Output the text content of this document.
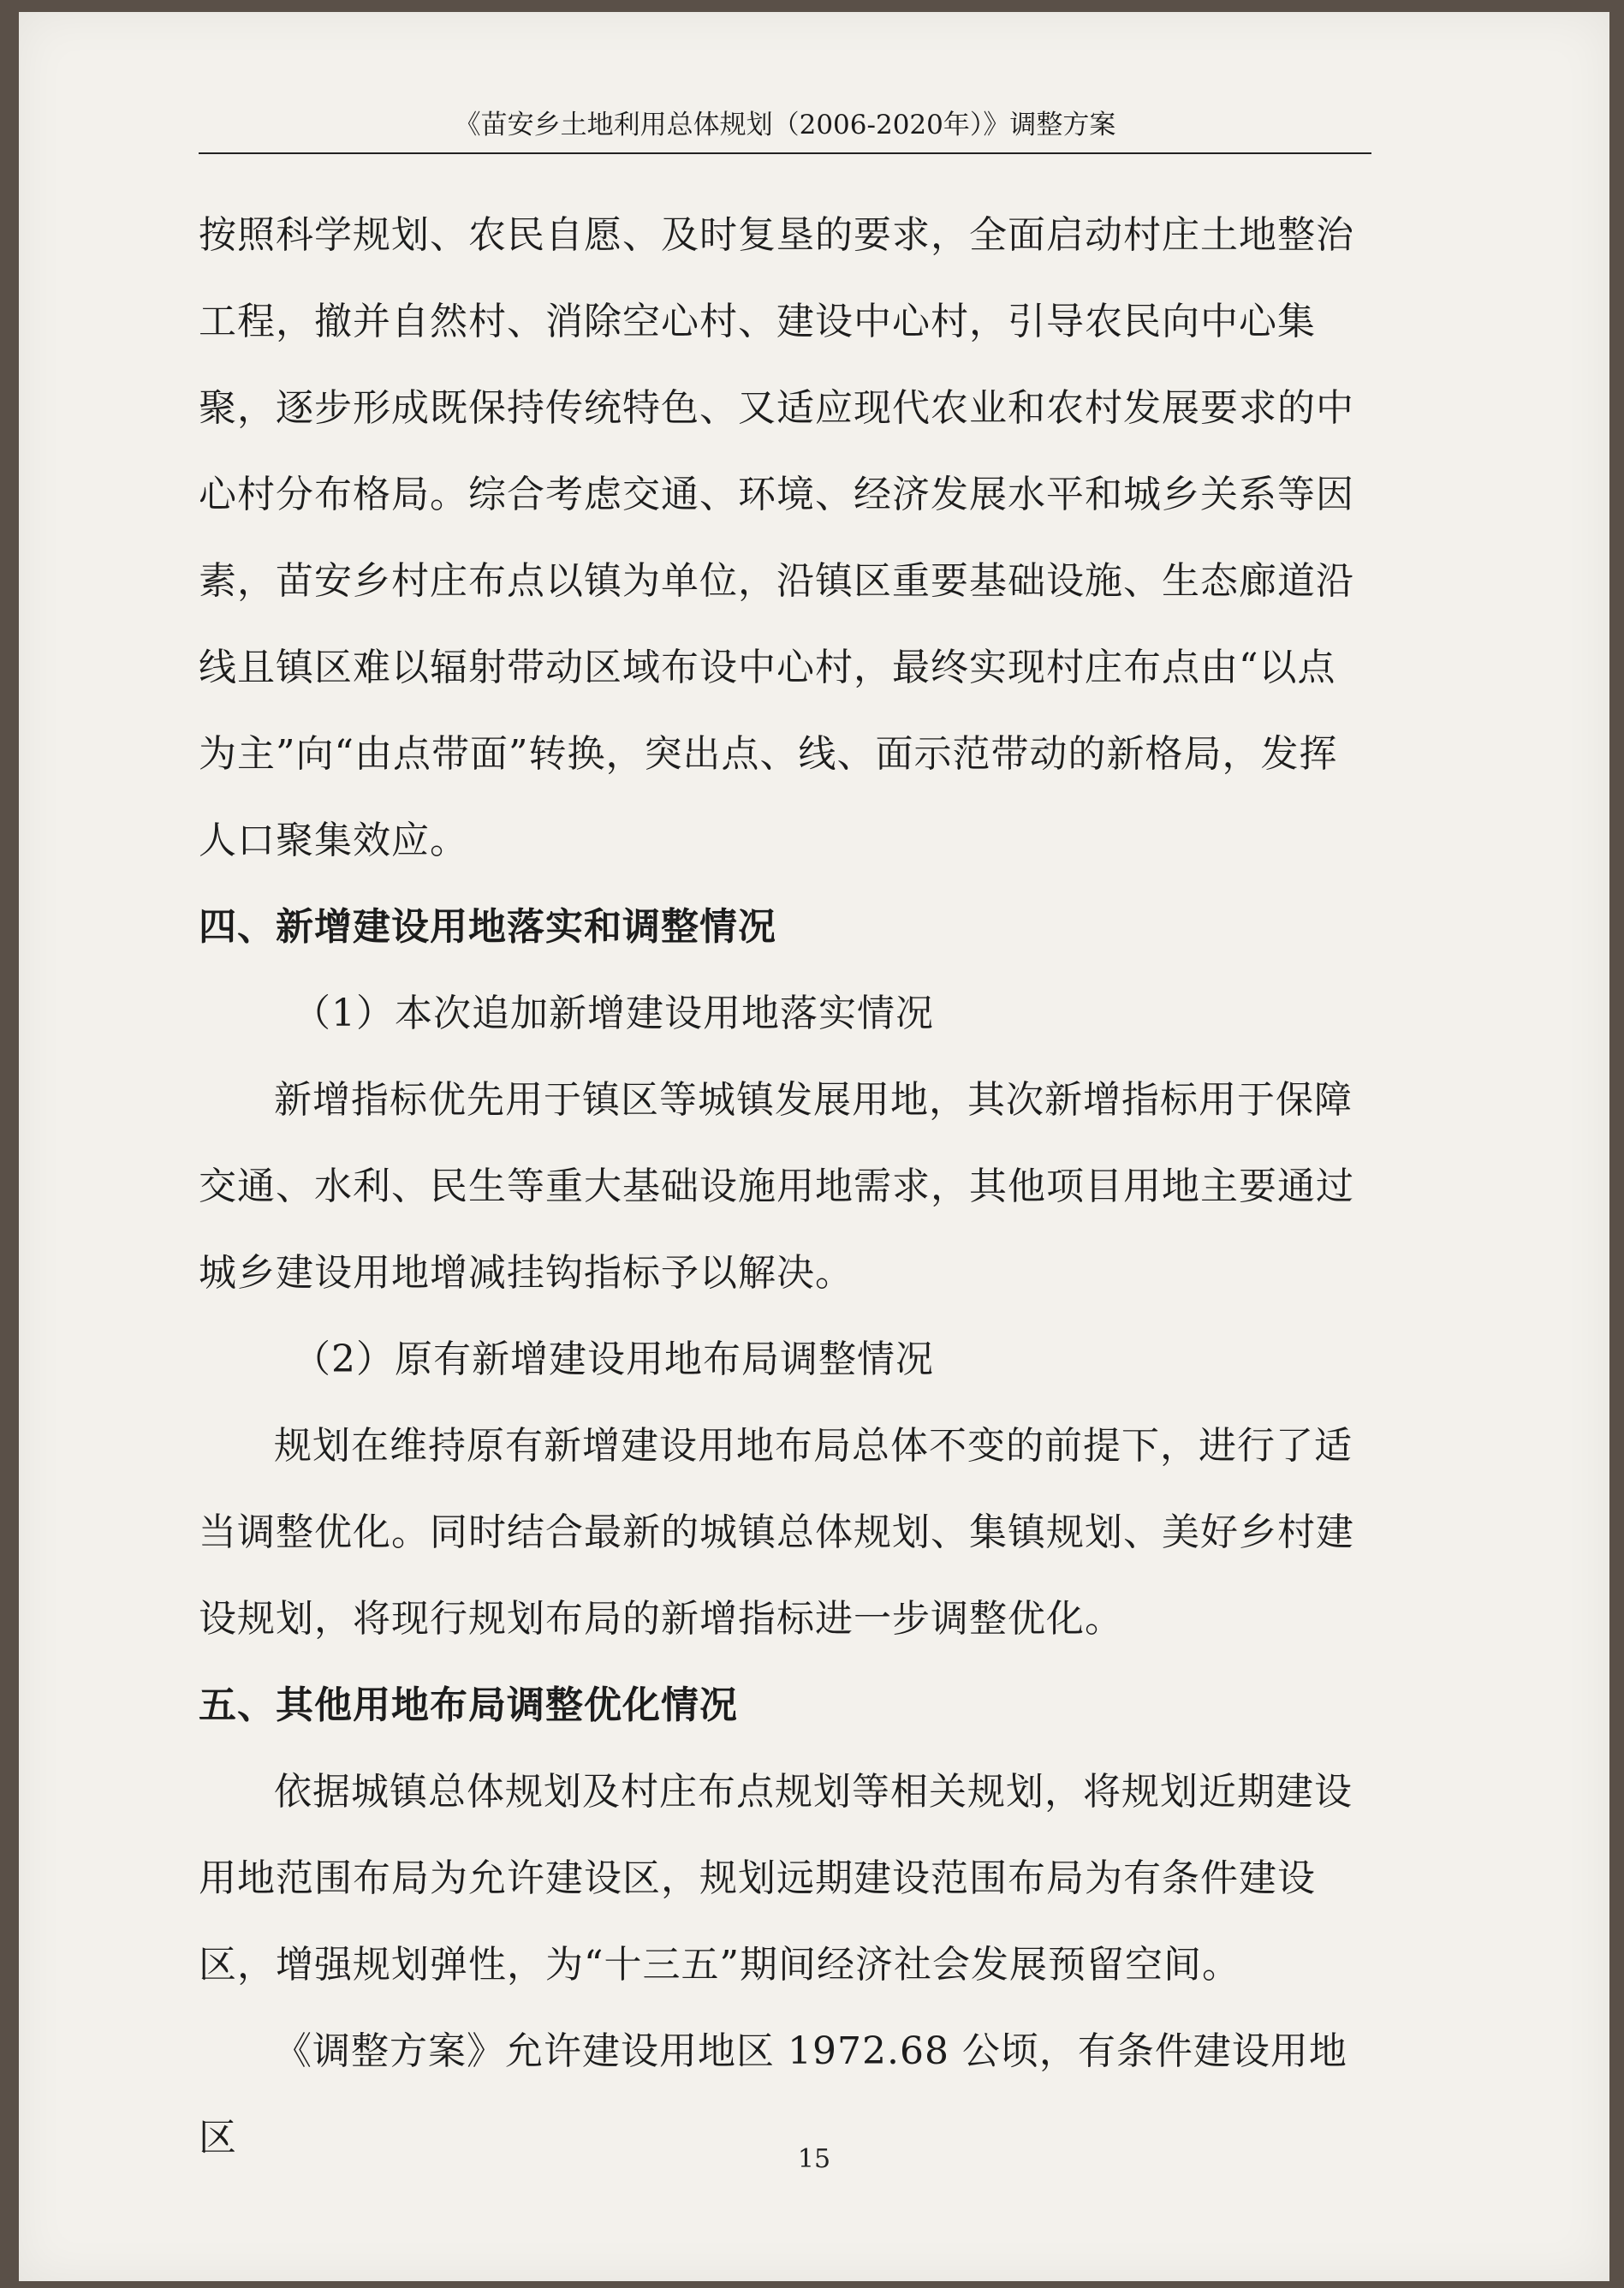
《苗安乡土地利用总体规划（2006-2020年）》调整方案
按照科学规划、农民自愿、及时复垦的要求，全面启动村庄土地整治工程，撤并自然村、消除空心村、建设中心村，引导农民向中心集聚，逐步形成既保持传统特色、又适应现代农业和农村发展要求的中心村分布格局。综合考虑交通、环境、经济发展水平和城乡关系等因素，苗安乡村庄布点以镇为单位，沿镇区重要基础设施、生态廊道沿线且镇区难以辐射带动区域布设中心村，最终实现村庄布点由“以点为主”向“由点带面”转换，突出点、线、面示范带动的新格局，发挥人口聚集效应。
四、新增建设用地落实和调整情况
（1）本次追加新增建设用地落实情况
新增指标优先用于镇区等城镇发展用地，其次新增指标用于保障交通、水利、民生等重大基础设施用地需求，其他项目用地主要通过城乡建设用地增减挂钩指标予以解决。
（2）原有新增建设用地布局调整情况
规划在维持原有新增建设用地布局总体不变的前提下，进行了适当调整优化。同时结合最新的城镇总体规划、集镇规划、美好乡村建设规划，将现行规划布局的新增指标进一步调整优化。
五、其他用地布局调整优化情况
依据城镇总体规划及村庄布点规划等相关规划，将规划近期建设用地范围布局为允许建设区，规划远期建设范围布局为有条件建设区，增强规划弹性，为“十三五”期间经济社会发展预留空间。
《调整方案》允许建设用地区 1972.68 公顷，有条件建设用地区	15
